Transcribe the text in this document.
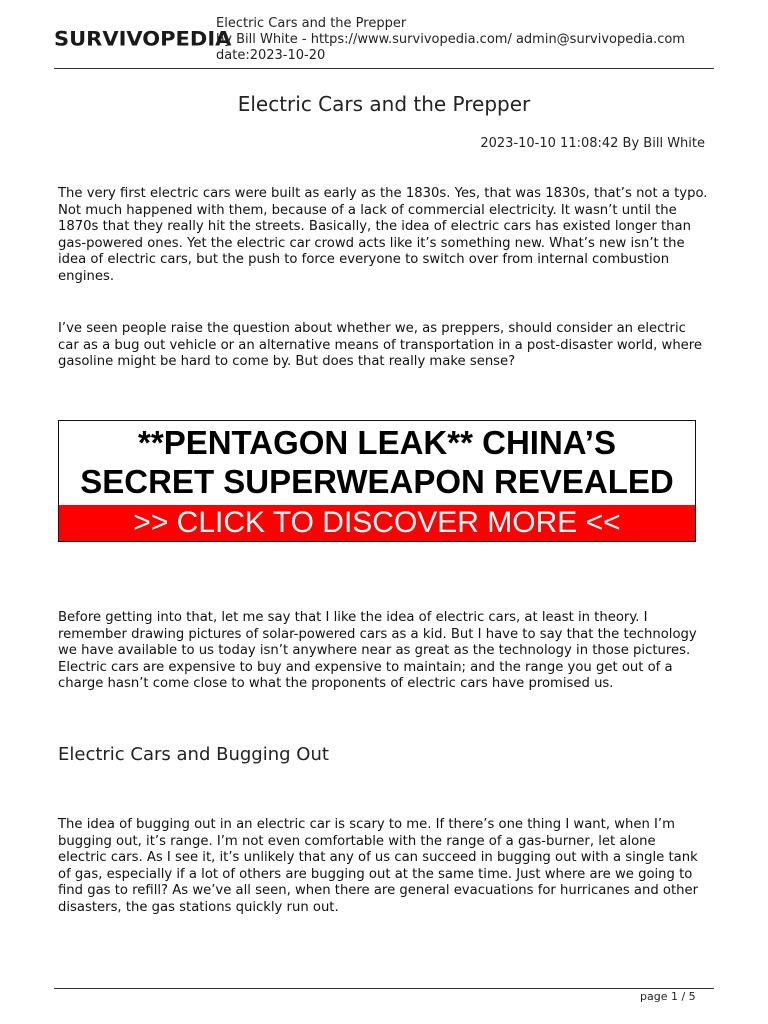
SURVIVOPEDIA
Electric Cars and the Prepper
by Bill White - https://www.survivopedia.com/ admin@survivopedia.com
date:2023-10-20
Electric Cars and the Prepper
2023-10-10 11:08:42 By Bill White
The very first electric cars were built as early as the 1830s. Yes, that was 1830s, that’s not a typo. Not much happened with them, because of a lack of commercial electricity. It wasn’t until the 1870s that they really hit the streets. Basically, the idea of electric cars has existed longer than gas-powered ones. Yet the electric car crowd acts like it’s something new. What’s new isn’t the idea of electric cars, but the push to force everyone to switch over from internal combustion engines.
I’ve seen people raise the question about whether we, as preppers, should consider an electric car as a bug out vehicle or an alternative means of transportation in a post-disaster world, where gasoline might be hard to come by. But does that really make sense?
**PENTAGON LEAK** CHINA’S
SECRET SUPERWEAPON REVEALED
>> CLICK TO DISCOVER MORE <<
Before getting into that, let me say that I like the idea of electric cars, at least in theory. I remember drawing pictures of solar-powered cars as a kid. But I have to say that the technology we have available to us today isn’t anywhere near as great as the technology in those pictures. Electric cars are expensive to buy and expensive to maintain; and the range you get out of a charge hasn’t come close to what the proponents of electric cars have promised us.
Electric Cars and Bugging Out
The idea of bugging out in an electric car is scary to me. If there’s one thing I want, when I’m bugging out, it’s range. I’m not even comfortable with the range of a gas-burner, let alone electric cars. As I see it, it’s unlikely that any of us can succeed in bugging out with a single tank of gas, especially if a lot of others are bugging out at the same time. Just where are we going to find gas to refill? As we’ve all seen, when there are general evacuations for hurricanes and other disasters, the gas stations quickly run out.
page 1 / 5
